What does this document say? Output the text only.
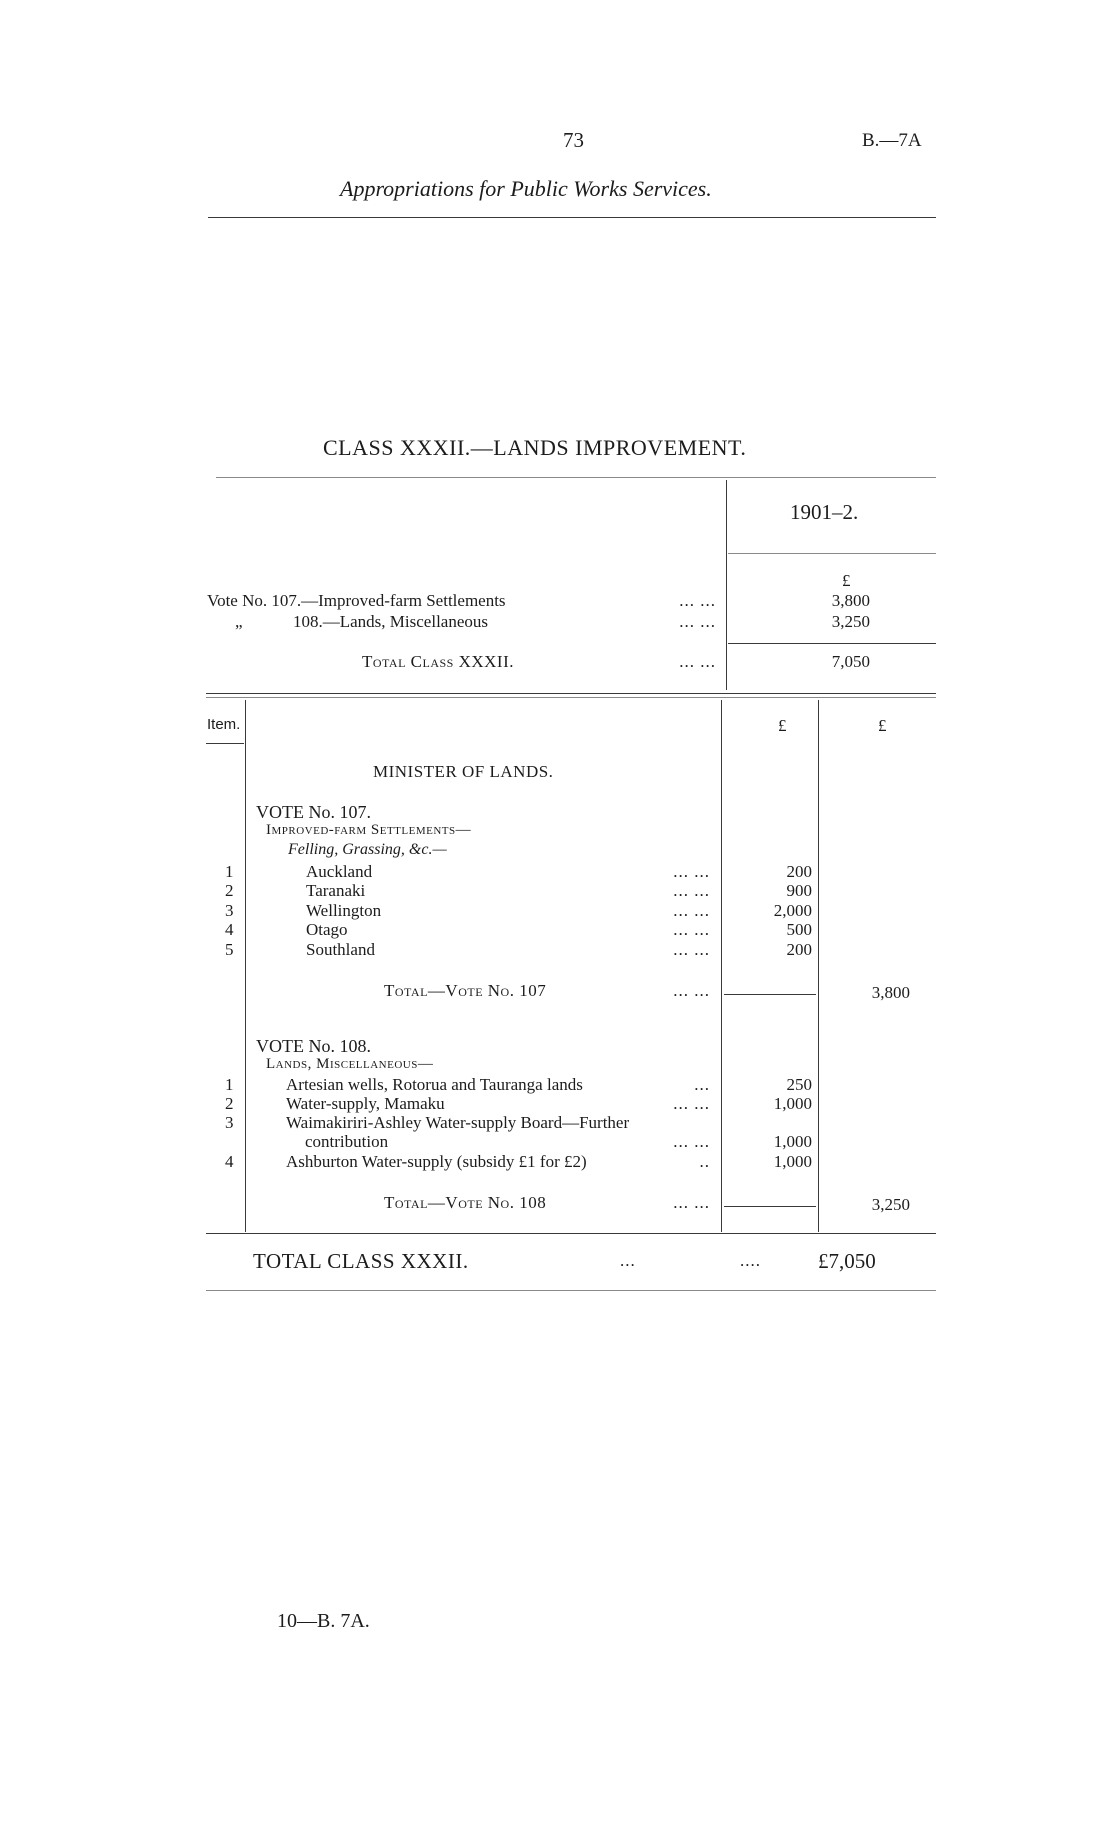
73	B.—7A
Appropriations for Public Works Services.
CLASS XXXII.—LANDS IMPROVEMENT.
1901–2.
£
Vote No. 107.—Improved-farm Settlements	... ...	3,800
„	108.—Lands, Miscellaneous	... ...	3,250
Total Class XXXII.	... ...	7,050
Item.	£	£
MINISTER OF LANDS.
VOTE No. 107.
Improved-farm Settlements—
Felling, Grassing, &c.—
1	Auckland	... ...	200
2	Taranaki	... ...	900
3	Wellington	... ...	2,000
4	Otago	... ...	500
5	Southland	... ...	200
Total—Vote No. 107	... ...	3,800
VOTE No. 108.
Lands, Miscellaneous—
1	Artesian wells, Rotorua and Tauranga lands	...	250
2	Water-supply, Mamaku	... ...	1,000
3	Waimakiriri-Ashley Water-supply Board—Further
contribution	... ...	1,000
4	Ashburton Water-supply (subsidy £1 for £2)	..	1,000
Total—Vote No. 108	... ...	3,250
TOTAL CLASS XXXII.	...	....	£7,050
10—B. 7A.
